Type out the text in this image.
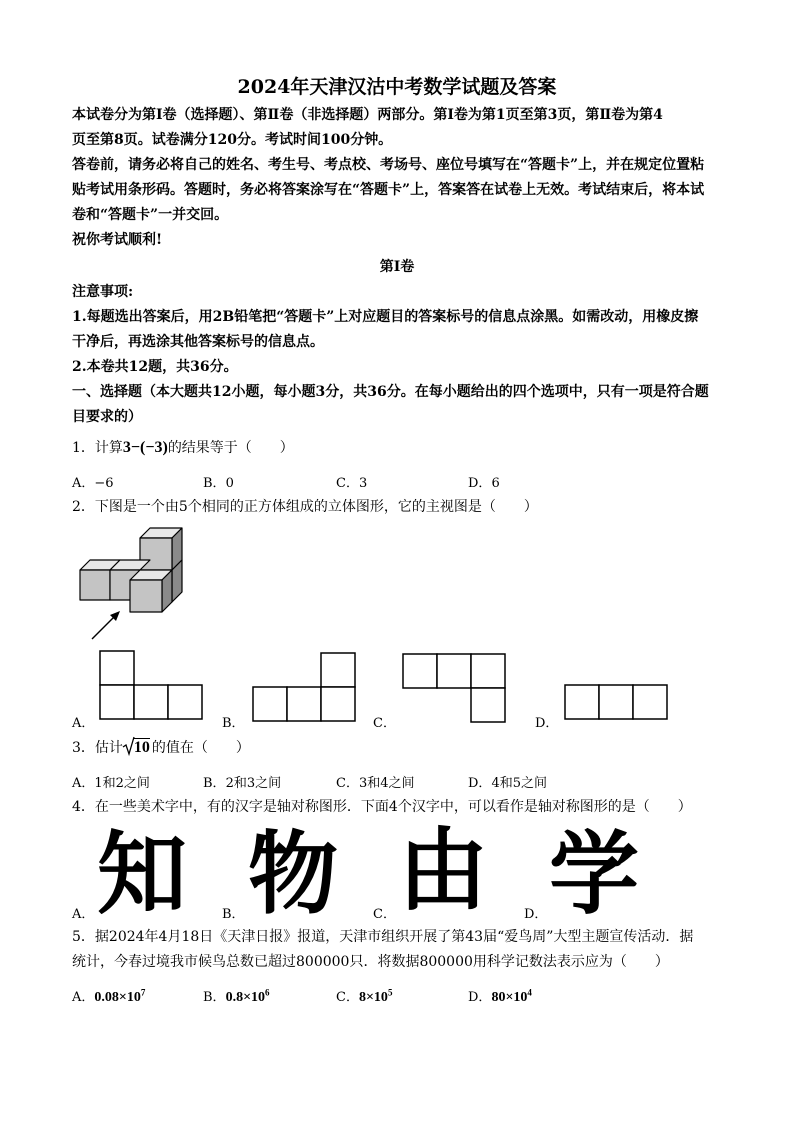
2024年天津汉沽中考数学试题及答案
本试卷分为第Ⅰ卷（选择题）、第Ⅱ卷（非选择题）两部分。第Ⅰ卷为第1页至第3页，第Ⅱ卷为第4
页至第8页。试卷满分120分。考试时间100分钟。
答卷前，请务必将自己的姓名、考生号、考点校、考场号、座位号填写在“答题卡”上，并在规定位置粘
贴考试用条形码。答题时，务必将答案涂写在“答题卡”上，答案答在试卷上无效。考试结束后，将本试
卷和“答题卡”一并交回。
祝你考试顺利!
第Ⅰ卷
注意事项:
1.每题选出答案后，用2B铅笔把“答题卡”上对应题目的答案标号的信息点涂黑。如需改动，用橡皮擦
干净后，再选涂其他答案标号的信息点。
2.本卷共12题，共36分。
一、选择题（本大题共12小题，每小题3分，共36分。在每小题给出的四个选项中，只有一项是符合题
目要求的）
1．计算3−(−3)的结果等于（　　）
A．−6	B．0	C．3	D．6
2．下图是一个由5个相同的正方体组成的立体图形，它的主视图是（　　）
A．	B．	C．	D．
3．估计 10 的值在（　　）
A．1和2之间	B．2和3之间	C．3和4之间	D．4和5之间
4．在一些美术字中，有的汉字是轴对称图形．下面4个汉字中，可以看作是轴对称图形的是（　　）
A． 知	B． 物	C． 由	D． 学
5．据2024年4月18日《天津日报》报道，天津市组织开展了第43届“爱鸟周”大型主题宣传活动．据
统计，今春过境我市候鸟总数已超过800000只．将数据800000用科学记数法表示应为（　　）
A．$0.08\times 10^7$	B．$0.8\times 10^6$	C．$8\times 10^5$	D．$80\times 10^4$
